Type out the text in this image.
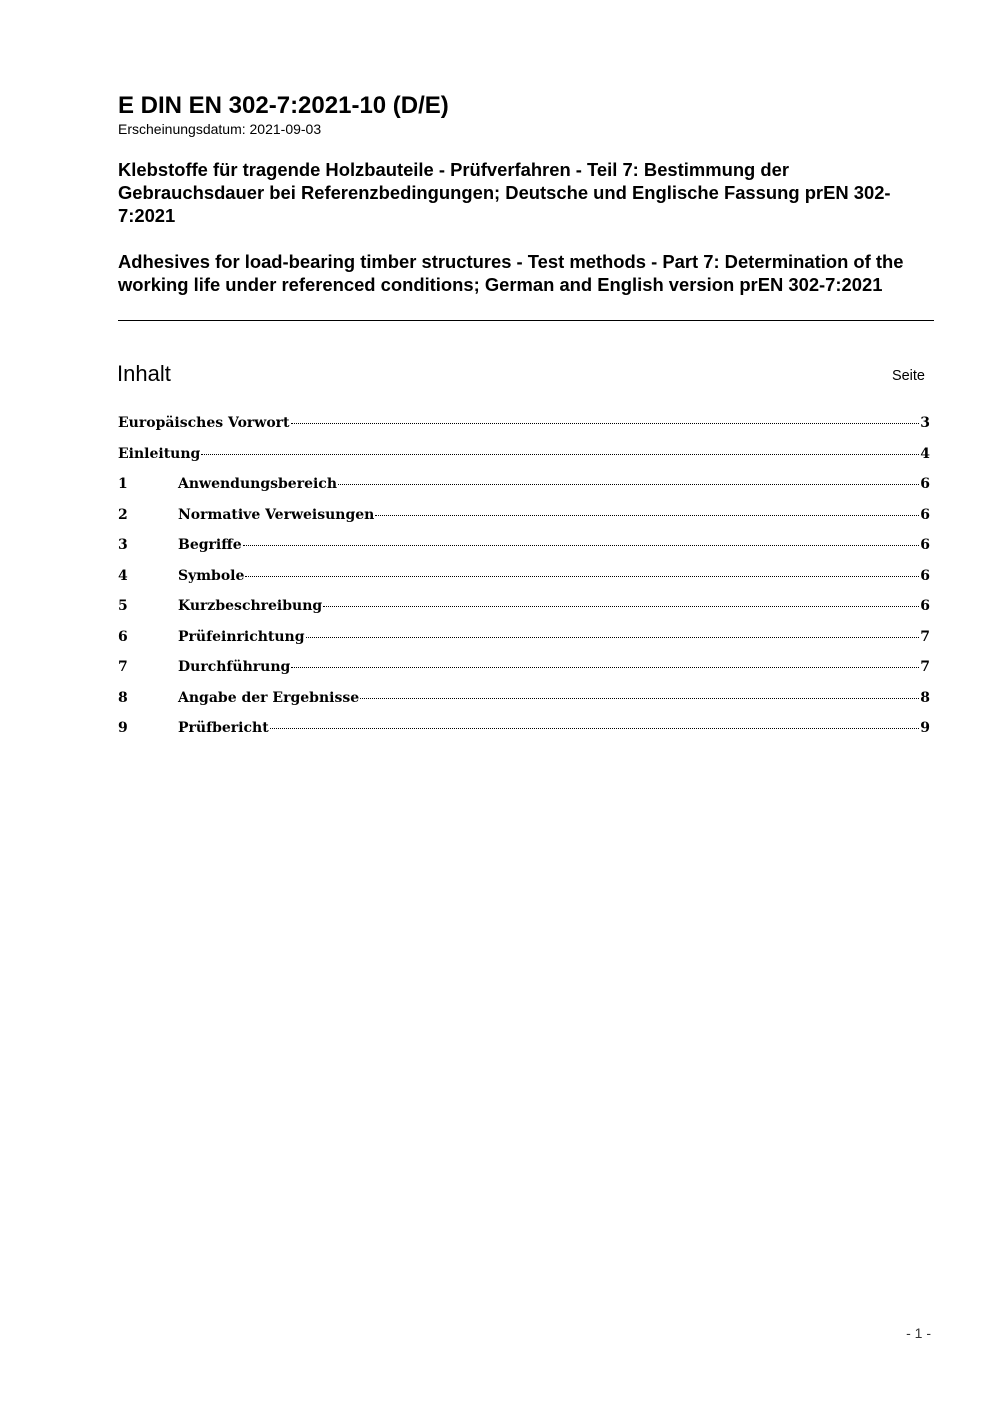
E DIN EN 302-7:2021-10 (D/E)
Erscheinungsdatum: 2021-09-03
Klebstoffe für tragende Holzbauteile - Prüfverfahren - Teil 7: Bestimmung der Gebrauchsdauer bei Referenzbedingungen; Deutsche und Englische Fassung prEN 302-7:2021
Adhesives for load-bearing timber structures - Test methods - Part 7: Determination of the working life under referenced conditions; German and English version prEN 302-7:2021
Inhalt	Seite
Europäisches Vorwort	3
Einleitung	4
1	Anwendungsbereich	6
2	Normative Verweisungen	6
3	Begriffe	6
4	Symbole	6
5	Kurzbeschreibung	6
6	Prüfeinrichtung	7
7	Durchführung	7
8	Angabe der Ergebnisse	8
9	Prüfbericht	9
- 1 -
